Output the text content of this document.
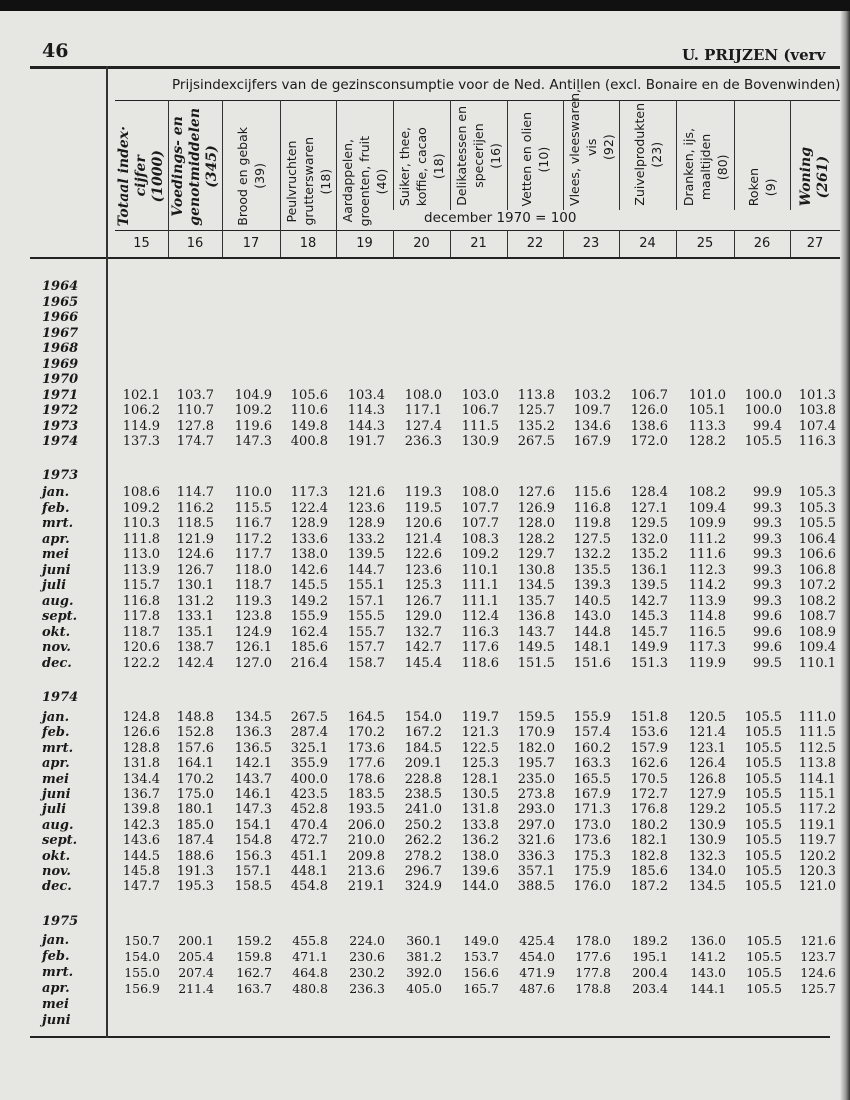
46	U. PRIJZEN (verv
Prijsindexcijfers van de gezinsconsumptie voor de Ned. Antillen (excl. Bonaire en de Bovenwinden)
Totaal index·
cijfer
(1000)
15
Voedings- en
genotmiddelen
(345)
16
Brood en gebak (39)
17
Peulvruchten grutterswaren (18)
18
Aardappelen, groenten, fruit (40)
19
Suiker, thee, koffie, cacao (18)
20
Delikatessen en specerijen (16)
21
Vetten en olien (10)
22
Vlees, vleeswaren, vis (92)
23
Zuivelprodukten (23)
24
Dranken, ijs, maaltijden (80)
25
Roken (9)
26
Woning
(261)
27
1964
1965
1966
1967
1968
1969
1970
1971	102.1	103.7	104.9	105.6	103.4	108.0	103.0	113.8	103.2	106.7	101.0	100.0	101.3
1972	106.2	110.7	109.2	110.6	114.3	117.1	106.7	125.7	109.7	126.0	105.1	100.0	103.8
1973	114.9	127.8	119.6	149.8	144.3	127.4	111.5	135.2	134.6	138.6	113.3	99.4	107.4
1974	137.3	174.7	147.3	400.8	191.7	236.3	130.9	267.5	167.9	172.0	128.2	105.5	116.3
1973
jan.	108.6	114.7	110.0	117.3	121.6	119.3	108.0	127.6	115.6	128.4	108.2	99.9	105.3
feb.	109.2	116.2	115.5	122.4	123.6	119.5	107.7	126.9	116.8	127.1	109.4	99.3	105.3
mrt.	110.3	118.5	116.7	128.9	128.9	120.6	107.7	128.0	119.8	129.5	109.9	99.3	105.5
apr.	111.8	121.9	117.2	133.6	133.2	121.4	108.3	128.2	127.5	132.0	111.2	99.3	106.4
mei	113.0	124.6	117.7	138.0	139.5	122.6	109.2	129.7	132.2	135.2	111.6	99.3	106.6
juni	113.9	126.7	118.0	142.6	144.7	123.6	110.1	130.8	135.5	136.1	112.3	99.3	106.8
juli	115.7	130.1	118.7	145.5	155.1	125.3	111.1	134.5	139.3	139.5	114.2	99.3	107.2
aug.	116.8	131.2	119.3	149.2	157.1	126.7	111.1	135.7	140.5	142.7	113.9	99.3	108.2
sept.	117.8	133.1	123.8	155.9	155.5	129.0	112.4	136.8	143.0	145.3	114.8	99.6	108.7
okt.	118.7	135.1	124.9	162.4	155.7	132.7	116.3	143.7	144.8	145.7	116.5	99.6	108.9
nov.	120.6	138.7	126.1	185.6	157.7	142.7	117.6	149.5	148.1	149.9	117.3	99.6	109.4
dec.	122.2	142.4	127.0	216.4	158.7	145.4	118.6	151.5	151.6	151.3	119.9	99.5	110.1
1974
jan.	124.8	148.8	134.5	267.5	164.5	154.0	119.7	159.5	155.9	151.8	120.5	105.5	111.0
feb.	126.6	152.8	136.3	287.4	170.2	167.2	121.3	170.9	157.4	153.6	121.4	105.5	111.5
mrt.	128.8	157.6	136.5	325.1	173.6	184.5	122.5	182.0	160.2	157.9	123.1	105.5	112.5
apr.	131.8	164.1	142.1	355.9	177.6	209.1	125.3	195.7	163.3	162.6	126.4	105.5	113.8
mei	134.4	170.2	143.7	400.0	178.6	228.8	128.1	235.0	165.5	170.5	126.8	105.5	114.1
juni	136.7	175.0	146.1	423.5	183.5	238.5	130.5	273.8	167.9	172.7	127.9	105.5	115.1
juli	139.8	180.1	147.3	452.8	193.5	241.0	131.8	293.0	171.3	176.8	129.2	105.5	117.2
aug.	142.3	185.0	154.1	470.4	206.0	250.2	133.8	297.0	173.0	180.2	130.9	105.5	119.1
sept.	143.6	187.4	154.8	472.7	210.0	262.2	136.2	321.6	173.6	182.1	130.9	105.5	119.7
okt.	144.5	188.6	156.3	451.1	209.8	278.2	138.0	336.3	175.3	182.8	132.3	105.5	120.2
nov.	145.8	191.3	157.1	448.1	213.6	296.7	139.6	357.1	175.9	185.6	134.0	105.5	120.3
dec.	147.7	195.3	158.5	454.8	219.1	324.9	144.0	388.5	176.0	187.2	134.5	105.5	121.0
1975
jan.	150.7	200.1	159.2	455.8	224.0	360.1	149.0	425.4	178.0	189.2	136.0	105.5	121.6
feb.	154.0	205.4	159.8	471.1	230.6	381.2	153.7	454.0	177.6	195.1	141.2	105.5	123.7
mrt.	155.0	207.4	162.7	464.8	230.2	392.0	156.6	471.9	177.8	200.4	143.0	105.5	124.6
apr.	156.9	211.4	163.7	480.8	236.3	405.0	165.7	487.6	178.8	203.4	144.1	105.5	125.7
mei
juni
december 1970 = 100
